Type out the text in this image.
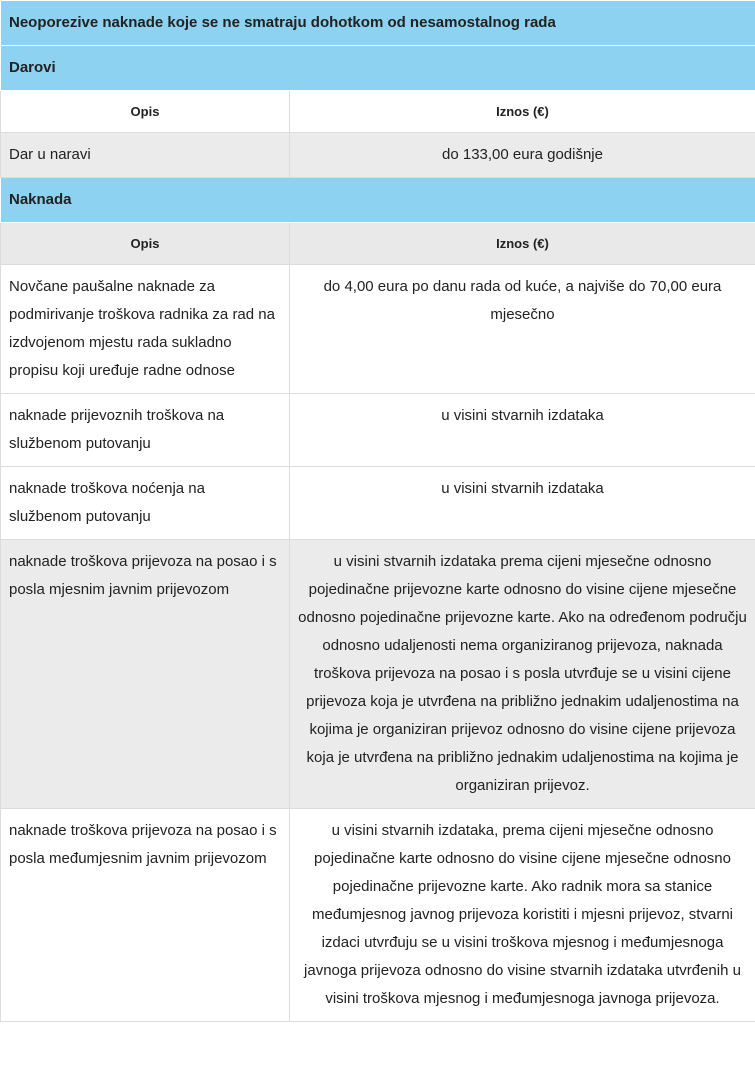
Neoporezive naknade koje se ne smatraju dohotkom od nesamostalnog rada	
Darovi	
Opis	Iznos (€)
Dar u naravi	do 133,00 eura godišnje
Naknada	
Opis	Iznos (€)
Novčane paušalne naknade za podmirivanje troškova radnika za rad na izdvojenom mjestu rada sukladno propisu koji uređuje radne odnose	do 4,00 eura po danu rada od kuće, a najviše do 70,00 eura mjesečno
naknade prijevoznih troškova na službenom putovanju	u visini stvarnih izdataka
naknade troškova noćenja na službenom putovanju	u visini stvarnih izdataka
naknade troškova prijevoza na posao i s posla mjesnim javnim prijevozom	u visini stvarnih izdataka prema cijeni mjesečne odnosno pojedinačne prijevozne karte odnosno do visine cijene mjesečne odnosno pojedinačne prijevozne karte. Ako na određenom području odnosno udaljenosti nema organiziranog prijevoza, naknada troškova prijevoza na posao i s posla utvrđuje se u visini cijene prijevoza koja je utvrđena na približno jednakim udaljenostima na kojima je organiziran prijevoz odnosno do visine cijene prijevoza koja je utvrđena na približno jednakim udaljenostima na kojima je organiziran prijevoz.
naknade troškova prijevoza na posao i s posla međumjesnim javnim prijevozom	u visini stvarnih izdataka, prema cijeni mjesečne odnosno pojedinačne karte odnosno do visine cijene mjesečne odnosno pojedinačne prijevozne karte. Ako radnik mora sa stanice međumjesnog javnog prijevoza koristiti i mjesni prijevoz, stvarni izdaci utvrđuju se u visini troškova mjesnog i međumjesnoga javnoga prijevoza odnosno do visine stvarnih izdataka utvrđenih u visini troškova mjesnog i međumjesnoga javnoga prijevoza.
